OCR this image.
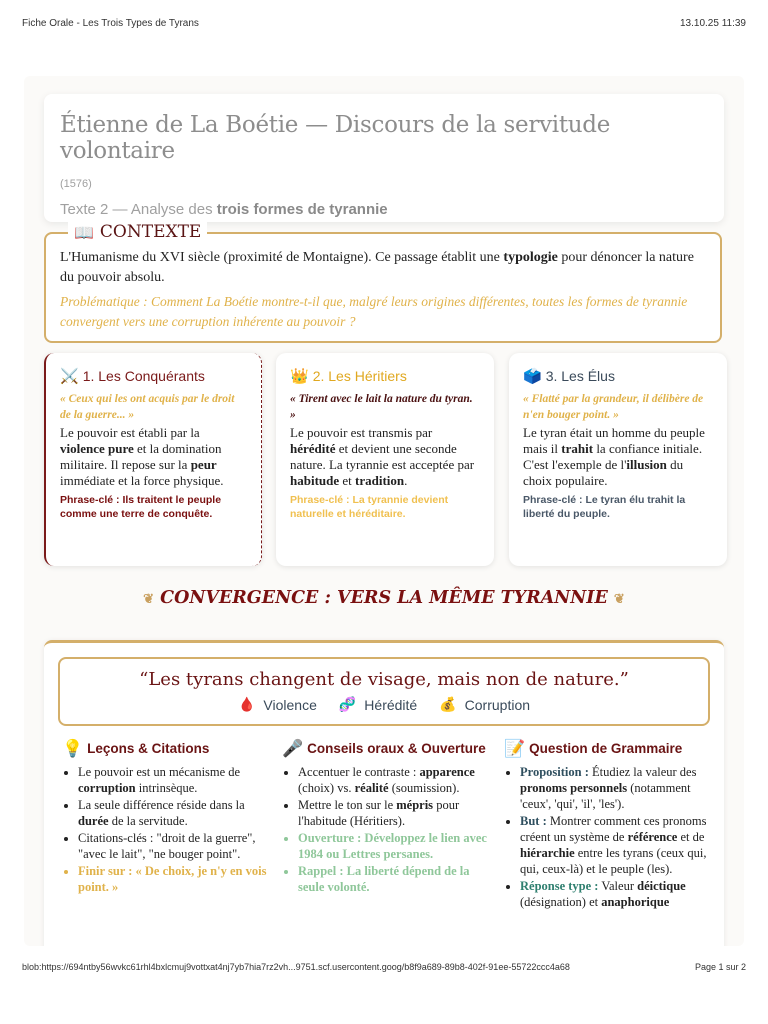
Fiche Orale - Les Trois Types de Tyrans	13.10.25 11:39
Étienne de La Boétie — Discours de la servitude volontaire
(1576)
Texte 2 — Analyse des trois formes de tyrannie
📖 CONTEXTE

L'Humanisme du XVI siècle (proximité de Montaigne). Ce passage établit une typologie pour dénoncer la nature du pouvoir absolu.

Problématique : Comment La Boétie montre-t-il que, malgré leurs origines différentes, toutes les formes de tyrannie convergent vers une corruption inhérente au pouvoir ?

⚔️ 1. Les Conquérants
« Ceux qui les ont acquis par le droit de la guerre... »
Le pouvoir est établi par la violence pure et la domination militaire. Il repose sur la peur immédiate et la force physique.
Phrase-clé : Ils traitent le peuple comme une terre de conquête.
👑 2. Les Héritiers
« Tirent avec le lait la nature du tyran. »
Le pouvoir est transmis par hérédité et devient une seconde nature. La tyrannie est acceptée par habitude et tradition.
Phrase-clé : La tyrannie devient naturelle et héréditaire.
🗳️ 3. Les Élus
« Flatté par la grandeur, il délibère de n'en bouger point. »
Le tyran était un homme du peuple mais il trahit la confiance initiale. C'est l'exemple de l'illusion du choix populaire.
Phrase-clé : Le tyran élu trahit la liberté du peuple.
❦ CONVERGENCE : VERS LA MÊME TYRANNIE ❦
“Les tyrans changent de visage, mais non de nature.”
🩸 Violence 🧬 Hérédité 💰 Corruption
💡 Leçons & Citations
• Le pouvoir est un mécanisme de corruption intrinsèque.
• La seule différence réside dans la durée de la servitude.
• Citations-clés : "droit de la guerre", "avec le lait", "ne bouger point".
• Finir sur : « De choix, je n'y en vois point. »
🎤 Conseils oraux & Ouverture
• Accentuer le contraste : apparence (choix) vs. réalité (soumission).
• Mettre le ton sur le mépris pour l'habitude (Héritiers).
• Ouverture : Développez le lien avec 1984 ou Lettres persanes.
• Rappel : La liberté dépend de la seule volonté.
📝 Question de Grammaire
• Proposition : Étudiez la valeur des pronoms personnels (notamment 'ceux', 'qui', 'il', 'les').
• But : Montrer comment ces pronoms créent un système de référence et de hiérarchie entre les tyrans (ceux qui, qui, ceux-là) et le peuple (les).
• Réponse type : Valeur déictique (désignation) et anaphorique
blob:https://694ntby56wvkc61rhl4bxlcmuj9vottxat4nj7yb7hia7rz2vh...9751.scf.usercontent.goog/b8f9a689-89b8-402f-91ee-55722ccc4a68	Page 1 sur 2
